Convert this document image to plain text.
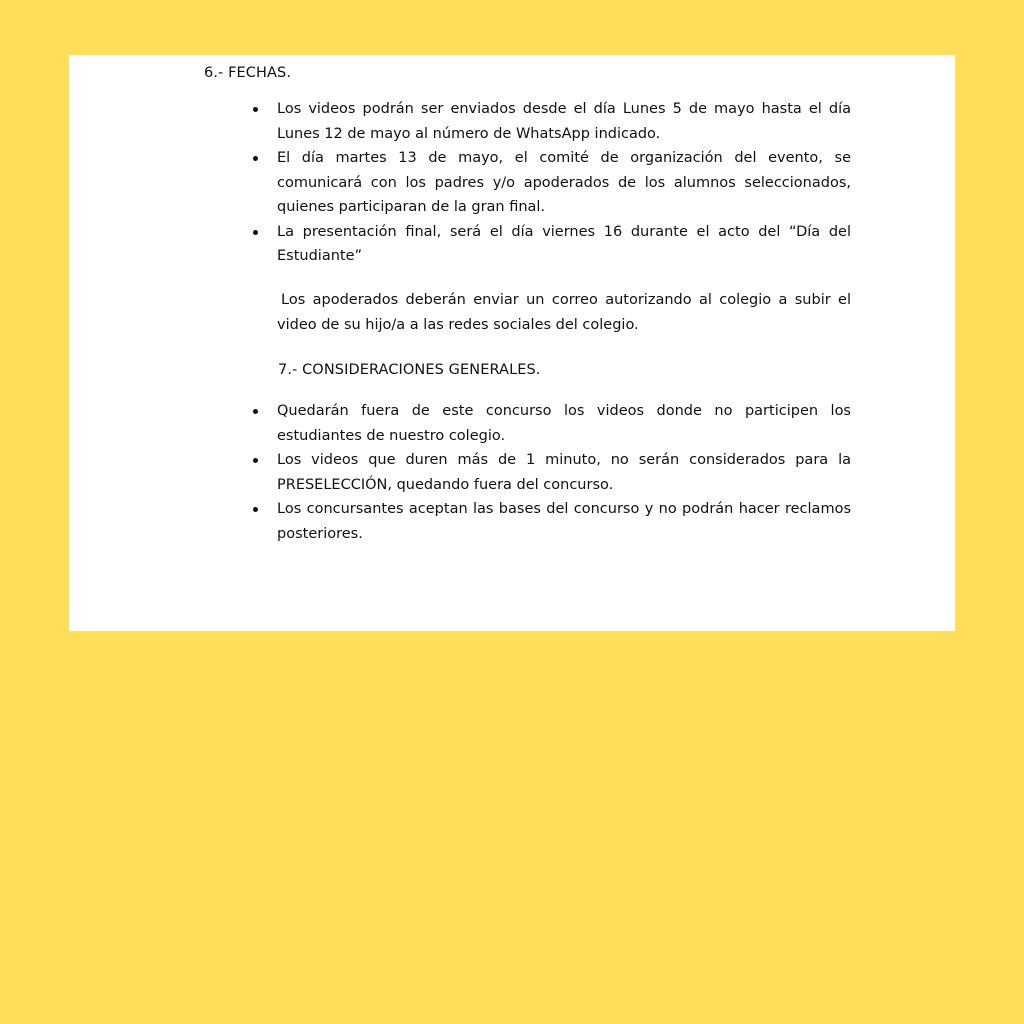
6.- FECHAS.
Los videos podrán ser enviados desde el día Lunes 5 de mayo hasta el día Lunes 12 de mayo al número de WhatsApp indicado.
El día martes 13 de mayo, el comité de organización del evento, se comunicará con los padres y/o apoderados de los alumnos seleccionados, quienes participaran de la gran final.
La presentación final, será el día viernes 16 durante el acto del “Día del Estudiante”

Los apoderados deberán enviar un correo autorizando al colegio a subir el video de su hijo/a a las redes sociales del colegio.

7.- CONSIDERACIONES GENERALES.
Quedarán fuera de este concurso los videos donde no participen los estudiantes de nuestro colegio.
Los videos que duren más de 1 minuto, no serán considerados para la PRESELECCIÓN, quedando fuera del concurso.
Los concursantes aceptan las bases del concurso y no podrán hacer reclamos posteriores.
